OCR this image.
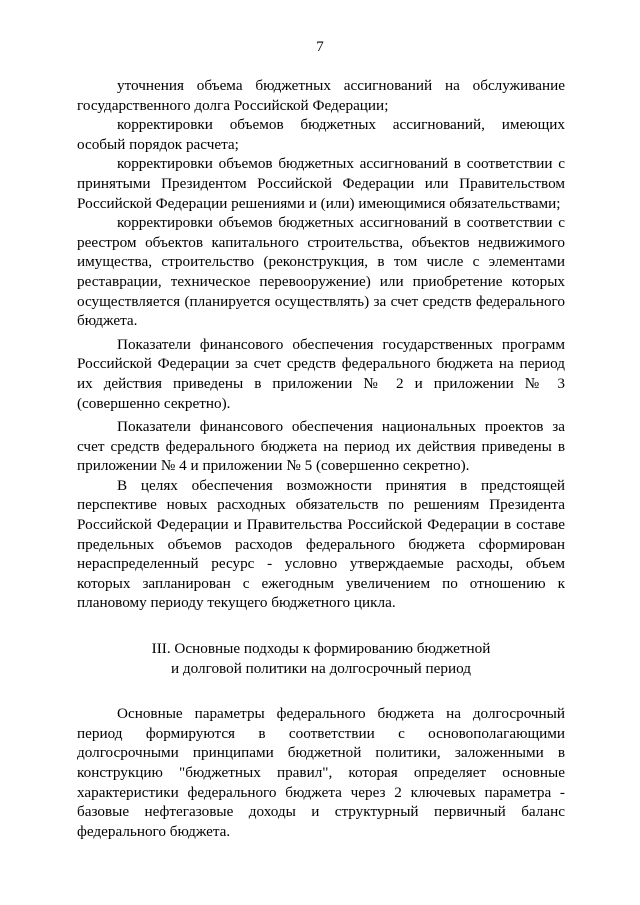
7

уточнения объема бюджетных ассигнований на обслуживание государственного долга Российской Федерации;

корректировки объемов бюджетных ассигнований, имеющих особый порядок расчета;

корректировки объемов бюджетных ассигнований в соответствии с принятыми Президентом Российской Федерации или Правительством Российской Федерации решениями и (или) имеющимися обязательствами;

корректировки объемов бюджетных ассигнований в соответствии с реестром объектов капитального строительства, объектов недвижимого имущества, строительство (реконструкция, в том числе с элементами реставрации, техническое перевооружение) или приобретение которых осуществляется (планируется осуществлять) за счет средств федерального бюджета.

Показатели финансового обеспечения государственных программ Российской Федерации за счет средств федерального бюджета на период их действия приведены в приложении № 2 и приложении № 3 (совершенно секретно).

Показатели финансового обеспечения национальных проектов за счет средств федерального бюджета на период их действия приведены в приложении № 4 и приложении № 5 (совершенно секретно).

В целях обеспечения возможности принятия в предстоящей перспективе новых расходных обязательств по решениям Президента Российской Федерации и Правительства Российской Федерации в составе предельных объемов расходов федерального бюджета сформирован нераспределенный ресурс - условно утверждаемые расходы, объем которых запланирован с ежегодным увеличением по отношению к плановому периоду текущего бюджетного цикла.

III. Основные подходы к формированию бюджетной
и долговой политики на долгосрочный период

Основные параметры федерального бюджета на долгосрочный период формируются в соответствии с основополагающими долгосрочными принципами бюджетной политики, заложенными в конструкцию "бюджетных правил", которая определяет основные характеристики федерального бюджета через 2 ключевых параметра - базовые нефтегазовые доходы и структурный первичный баланс федерального бюджета.
